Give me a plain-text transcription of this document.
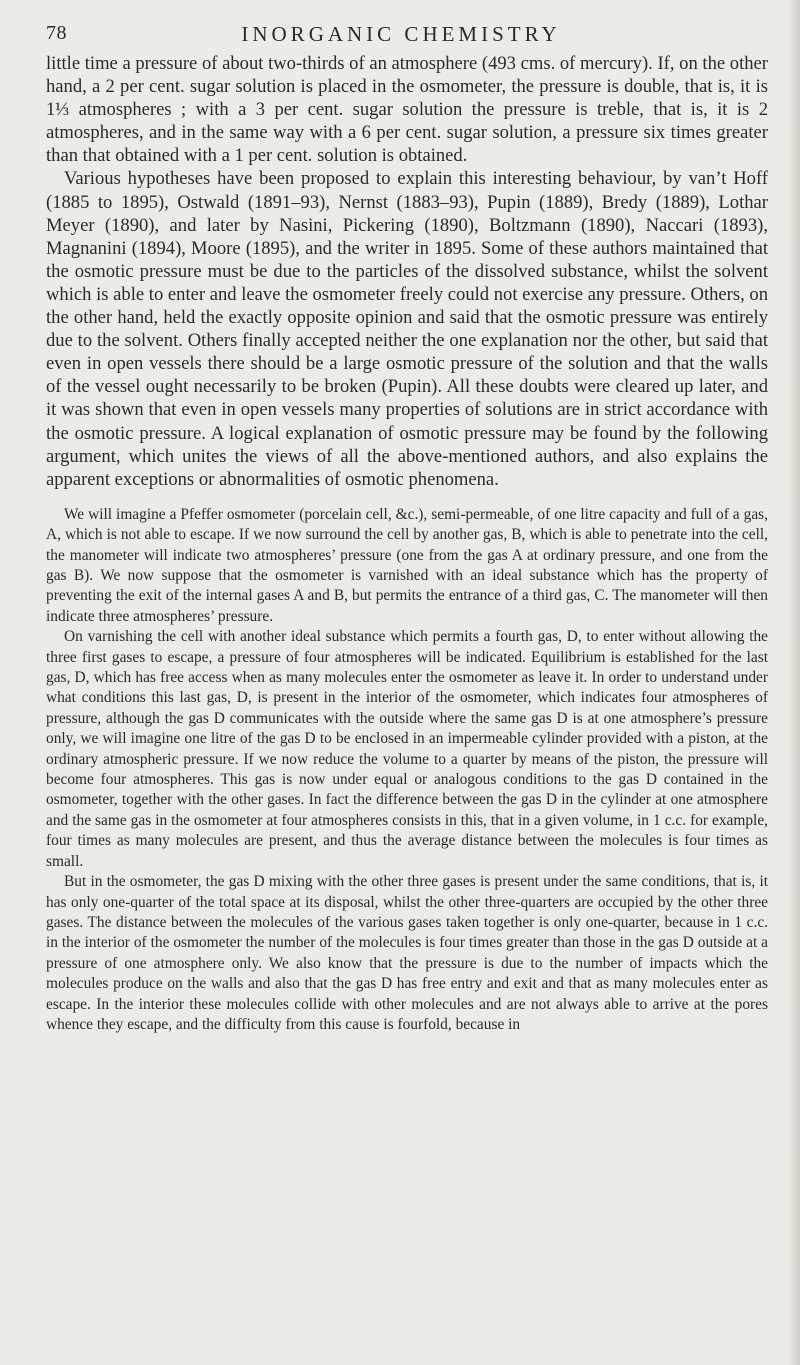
78	INORGANIC CHEMISTRY

little time a pressure of about two-thirds of an atmosphere (493 cms. of mercury). If, on the other hand, a 2 per cent. sugar solution is placed in the osmometer, the pressure is double, that is, it is 1⅓ atmospheres ; with a 3 per cent. sugar solution the pressure is treble, that is, it is 2 atmospheres, and in the same way with a 6 per cent. sugar solution, a pressure six times greater than that obtained with a 1 per cent. solution is obtained.

Various hypotheses have been proposed to explain this interesting behaviour, by van’t Hoff (1885 to 1895), Ostwald (1891–93), Nernst (1883–93), Pupin (1889), Bredy (1889), Lothar Meyer (1890), and later by Nasini, Pickering (1890), Boltzmann (1890), Naccari (1893), Magnanini (1894), Moore (1895), and the writer in 1895. Some of these authors maintained that the osmotic pressure must be due to the particles of the dissolved substance, whilst the solvent which is able to enter and leave the osmometer freely could not exercise any pressure. Others, on the other hand, held the exactly opposite opinion and said that the osmotic pressure was entirely due to the solvent. Others finally accepted neither the one explanation nor the other, but said that even in open vessels there should be a large osmotic pressure of the solution and that the walls of the vessel ought necessarily to be broken (Pupin). All these doubts were cleared up later, and it was shown that even in open vessels many properties of solutions are in strict accordance with the osmotic pressure. A logical explanation of osmotic pressure may be found by the following argument, which unites the views of all the above-mentioned authors, and also explains the apparent exceptions or abnormalities of osmotic phenomena.

We will imagine a Pfeffer osmometer (porcelain cell, &c.), semi-permeable, of one litre capacity and full of a gas, A, which is not able to escape. If we now surround the cell by another gas, B, which is able to penetrate into the cell, the manometer will indicate two atmospheres’ pressure (one from the gas A at ordinary pressure, and one from the gas B). We now suppose that the osmometer is varnished with an ideal substance which has the property of preventing the exit of the internal gases A and B, but permits the entrance of a third gas, C. The manometer will then indicate three atmospheres’ pressure.

On varnishing the cell with another ideal substance which permits a fourth gas, D, to enter without allowing the three first gases to escape, a pressure of four atmospheres will be indicated. Equilibrium is established for the last gas, D, which has free access when as many molecules enter the osmometer as leave it. In order to understand under what conditions this last gas, D, is present in the interior of the osmometer, which indicates four atmospheres of pressure, although the gas D communicates with the outside where the same gas D is at one atmosphere’s pressure only, we will imagine one litre of the gas D to be enclosed in an impermeable cylinder provided with a piston, at the ordinary atmospheric pressure. If we now reduce the volume to a quarter by means of the piston, the pressure will become four atmospheres. This gas is now under equal or analogous conditions to the gas D contained in the osmometer, together with the other gases. In fact the difference between the gas D in the cylinder at one atmosphere and the same gas in the osmometer at four atmospheres consists in this, that in a given volume, in 1 c.c. for example, four times as many molecules are present, and thus the average distance between the molecules is four times as small.

But in the osmometer, the gas D mixing with the other three gases is present under the same conditions, that is, it has only one-quarter of the total space at its disposal, whilst the other three-quarters are occupied by the other three gases. The distance between the molecules of the various gases taken together is only one-quarter, because in 1 c.c. in the interior of the osmometer the number of the molecules is four times greater than those in the gas D outside at a pressure of one atmosphere only. We also know that the pressure is due to the number of impacts which the molecules produce on the walls and also that the gas D has free entry and exit and that as many molecules enter as escape. In the interior these molecules collide with other molecules and are not always able to arrive at the pores whence they escape, and the difficulty from this cause is fourfold, because in
